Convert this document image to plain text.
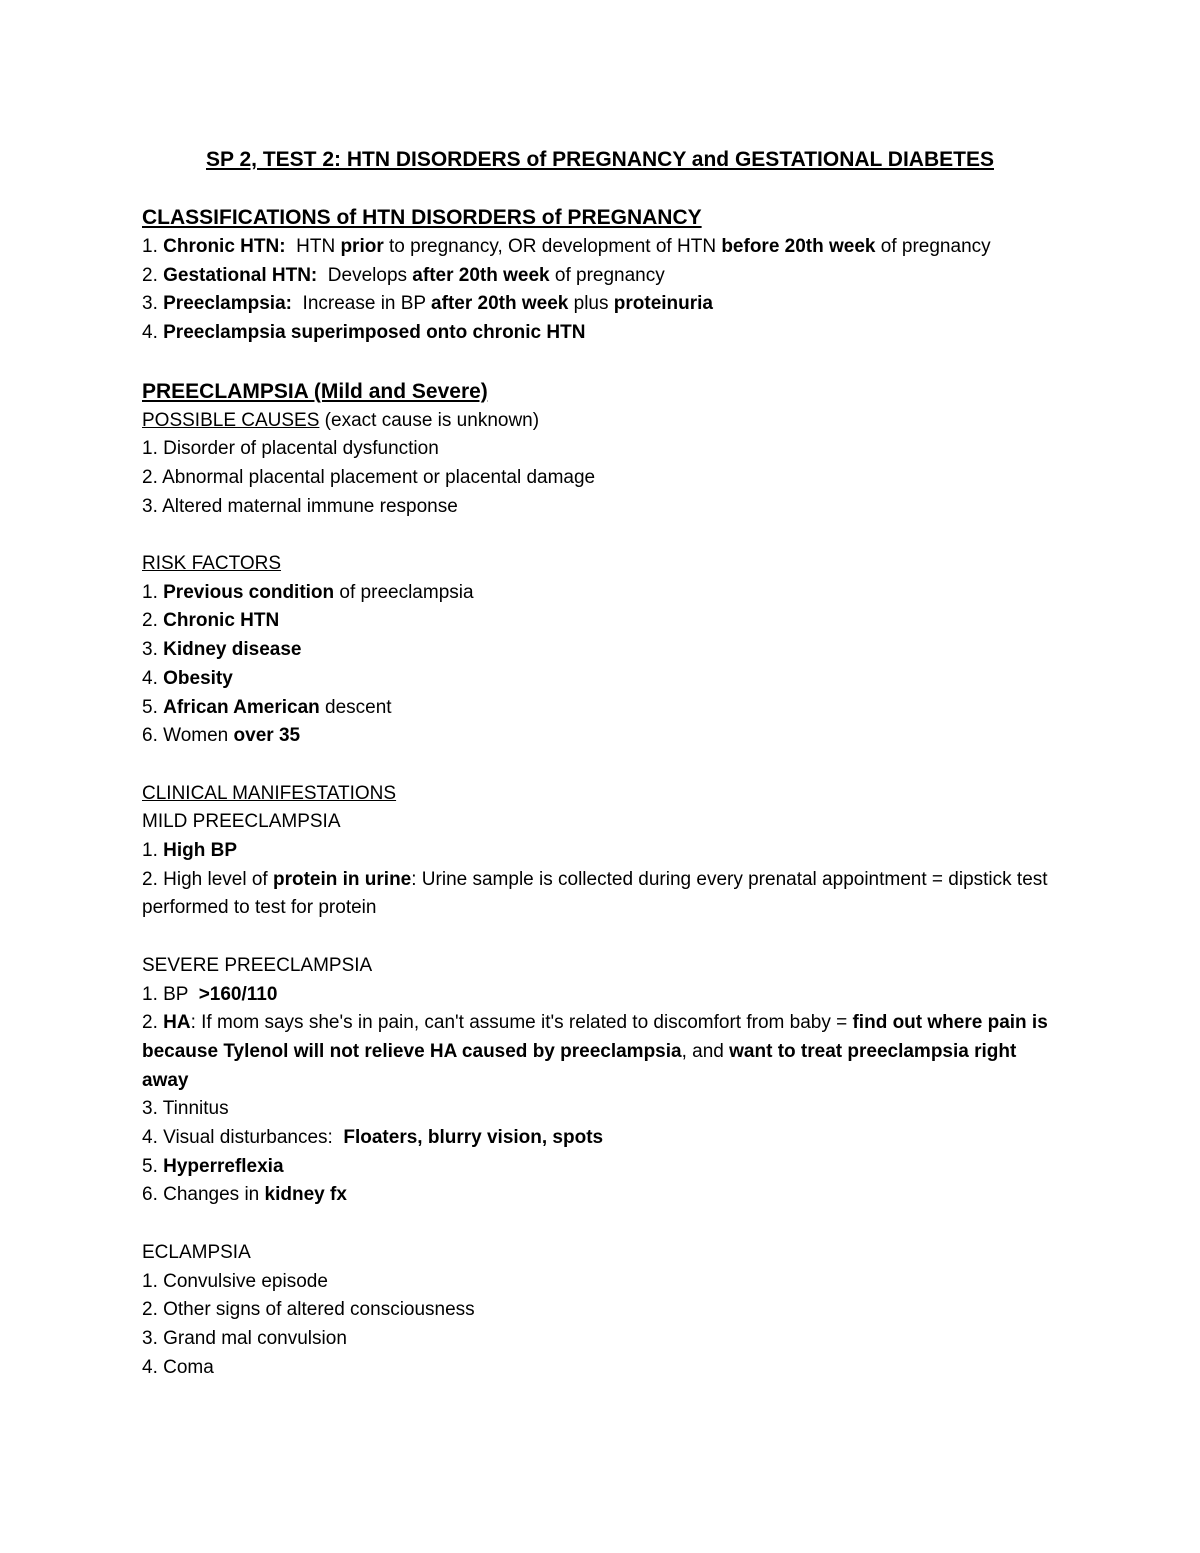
SP 2, TEST 2: HTN DISORDERS of PREGNANCY and GESTATIONAL DIABETES
CLASSIFICATIONS of HTN DISORDERS of PREGNANCY
1. Chronic HTN:  HTN prior to pregnancy, OR development of HTN before 20th week of pregnancy
2. Gestational HTN:  Develops after 20th week of pregnancy
3. Preeclampsia:  Increase in BP after 20th week plus proteinuria
4. Preeclampsia superimposed onto chronic HTN
PREECLAMPSIA (Mild and Severe)
POSSIBLE CAUSES (exact cause is unknown)
1. Disorder of placental dysfunction
2. Abnormal placental placement or placental damage
3. Altered maternal immune response
RISK FACTORS
1. Previous condition of preeclampsia
2. Chronic HTN
3. Kidney disease
4. Obesity
5. African American descent
6. Women over 35
CLINICAL MANIFESTATIONS
MILD PREECLAMPSIA
1. High BP
2. High level of protein in urine: Urine sample is collected during every prenatal appointment = dipstick test performed to test for protein
SEVERE PREECLAMPSIA
1. BP  >160/110
2. HA: If mom says she's in pain, can't assume it's related to discomfort from baby = find out where pain is because Tylenol will not relieve HA caused by preeclampsia, and want to treat preeclampsia right away
3. Tinnitus
4. Visual disturbances:  Floaters, blurry vision, spots
5. Hyperreflexia
6. Changes in kidney fx
ECLAMPSIA
1. Convulsive episode
2. Other signs of altered consciousness
3. Grand mal convulsion
4. Coma
